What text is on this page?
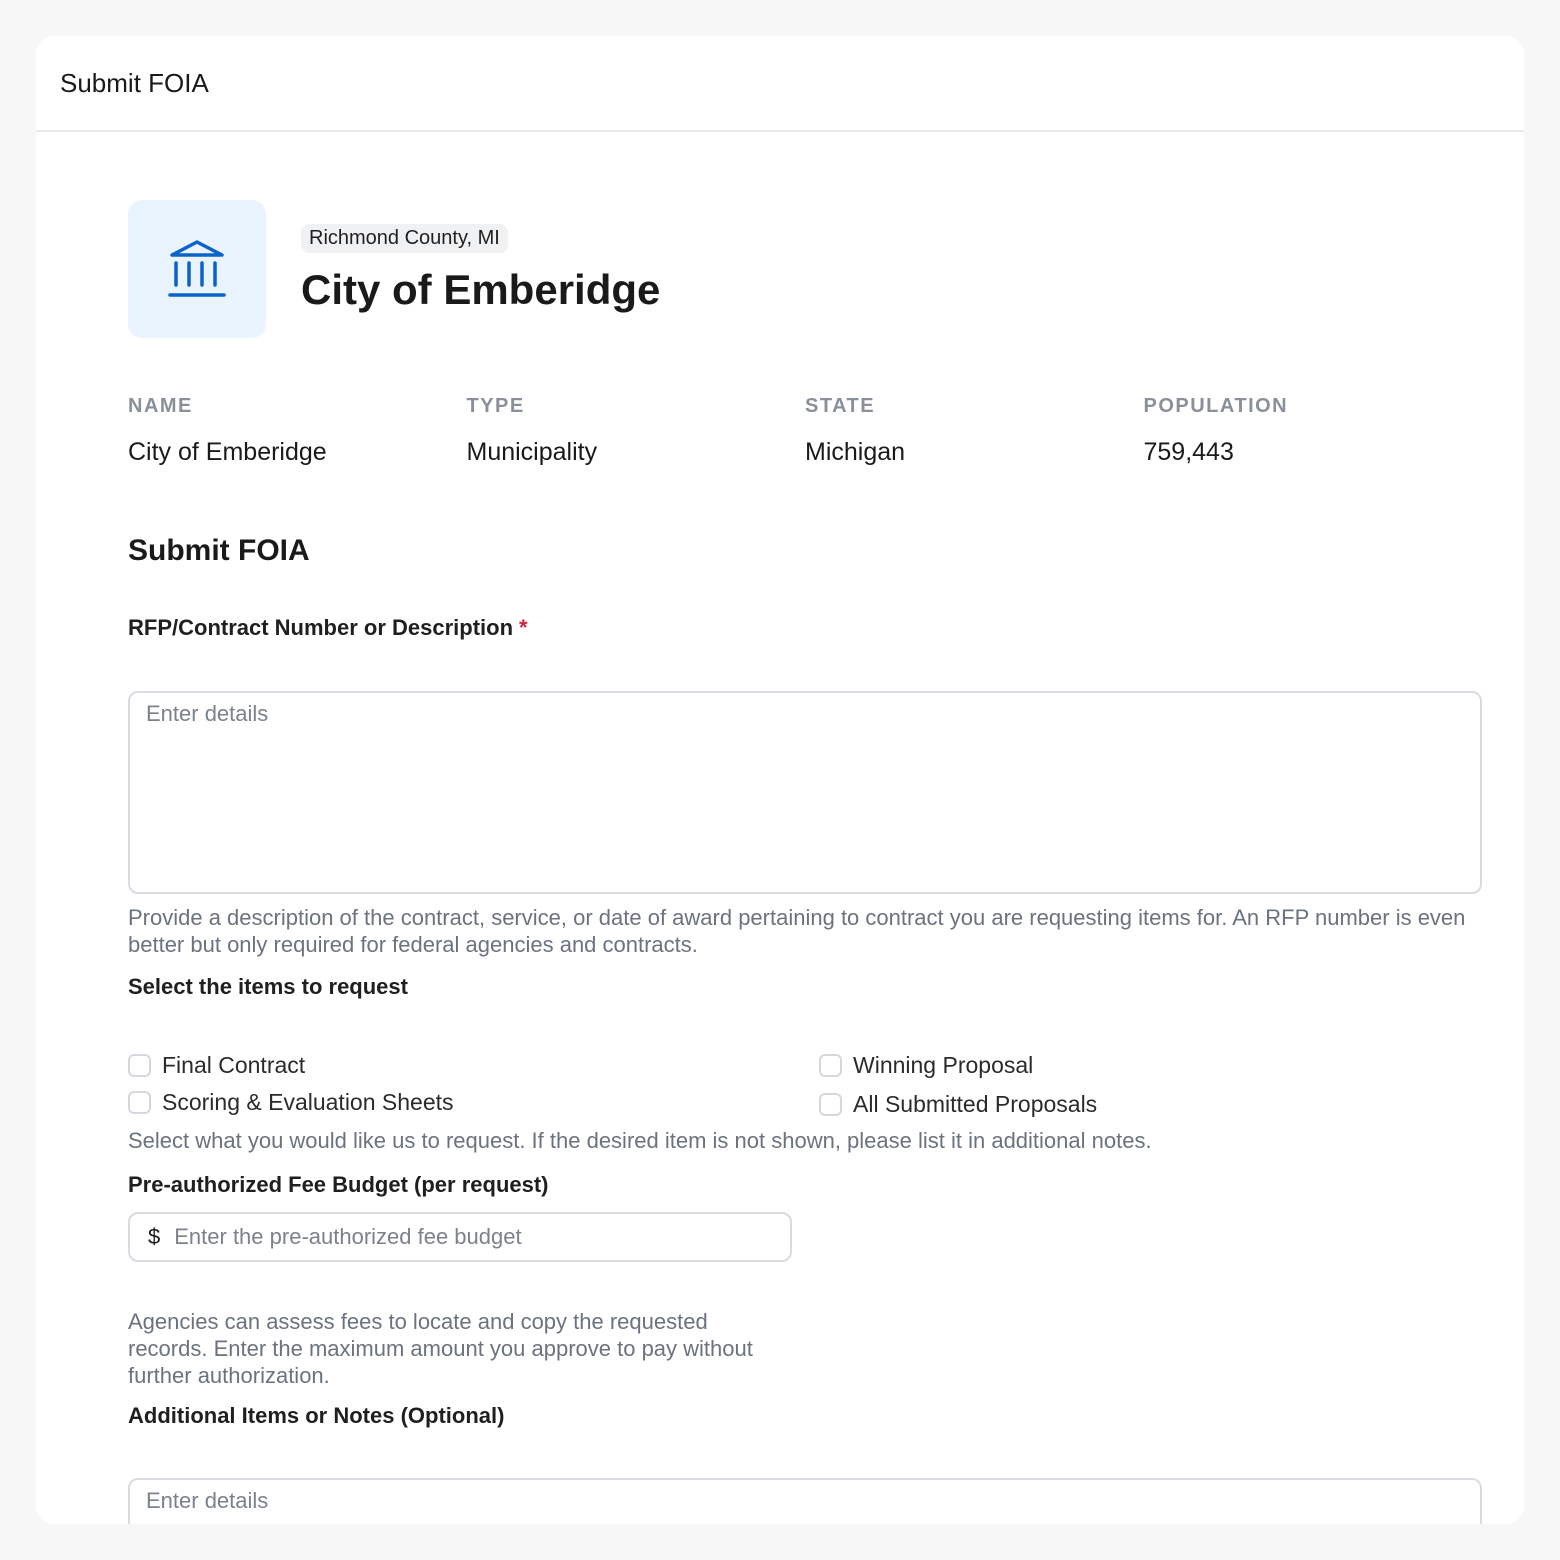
Submit FOIA
Richmond County, MI
City of Emberidge
NAME
City of Emberidge
TYPE
Municipality
STATE
Michigan
POPULATION
759,443
Submit FOIA
RFP/Contract Number or Description *
Enter details
Provide a description of the contract, service, or date of award pertaining to contract you are requesting items for. An RFP number is even better but only required for federal agencies and contracts.
Select the items to request
Final Contract	Winning Proposal
Scoring & Evaluation Sheets	All Submitted Proposals
Select what you would like us to request. If the desired item is not shown, please list it in additional notes.
Pre-authorized Fee Budget (per request)
$ Enter the pre-authorized fee budget
Agencies can assess fees to locate and copy the requested records. Enter the maximum amount you approve to pay without further authorization.
Additional Items or Notes (Optional)
Enter details
